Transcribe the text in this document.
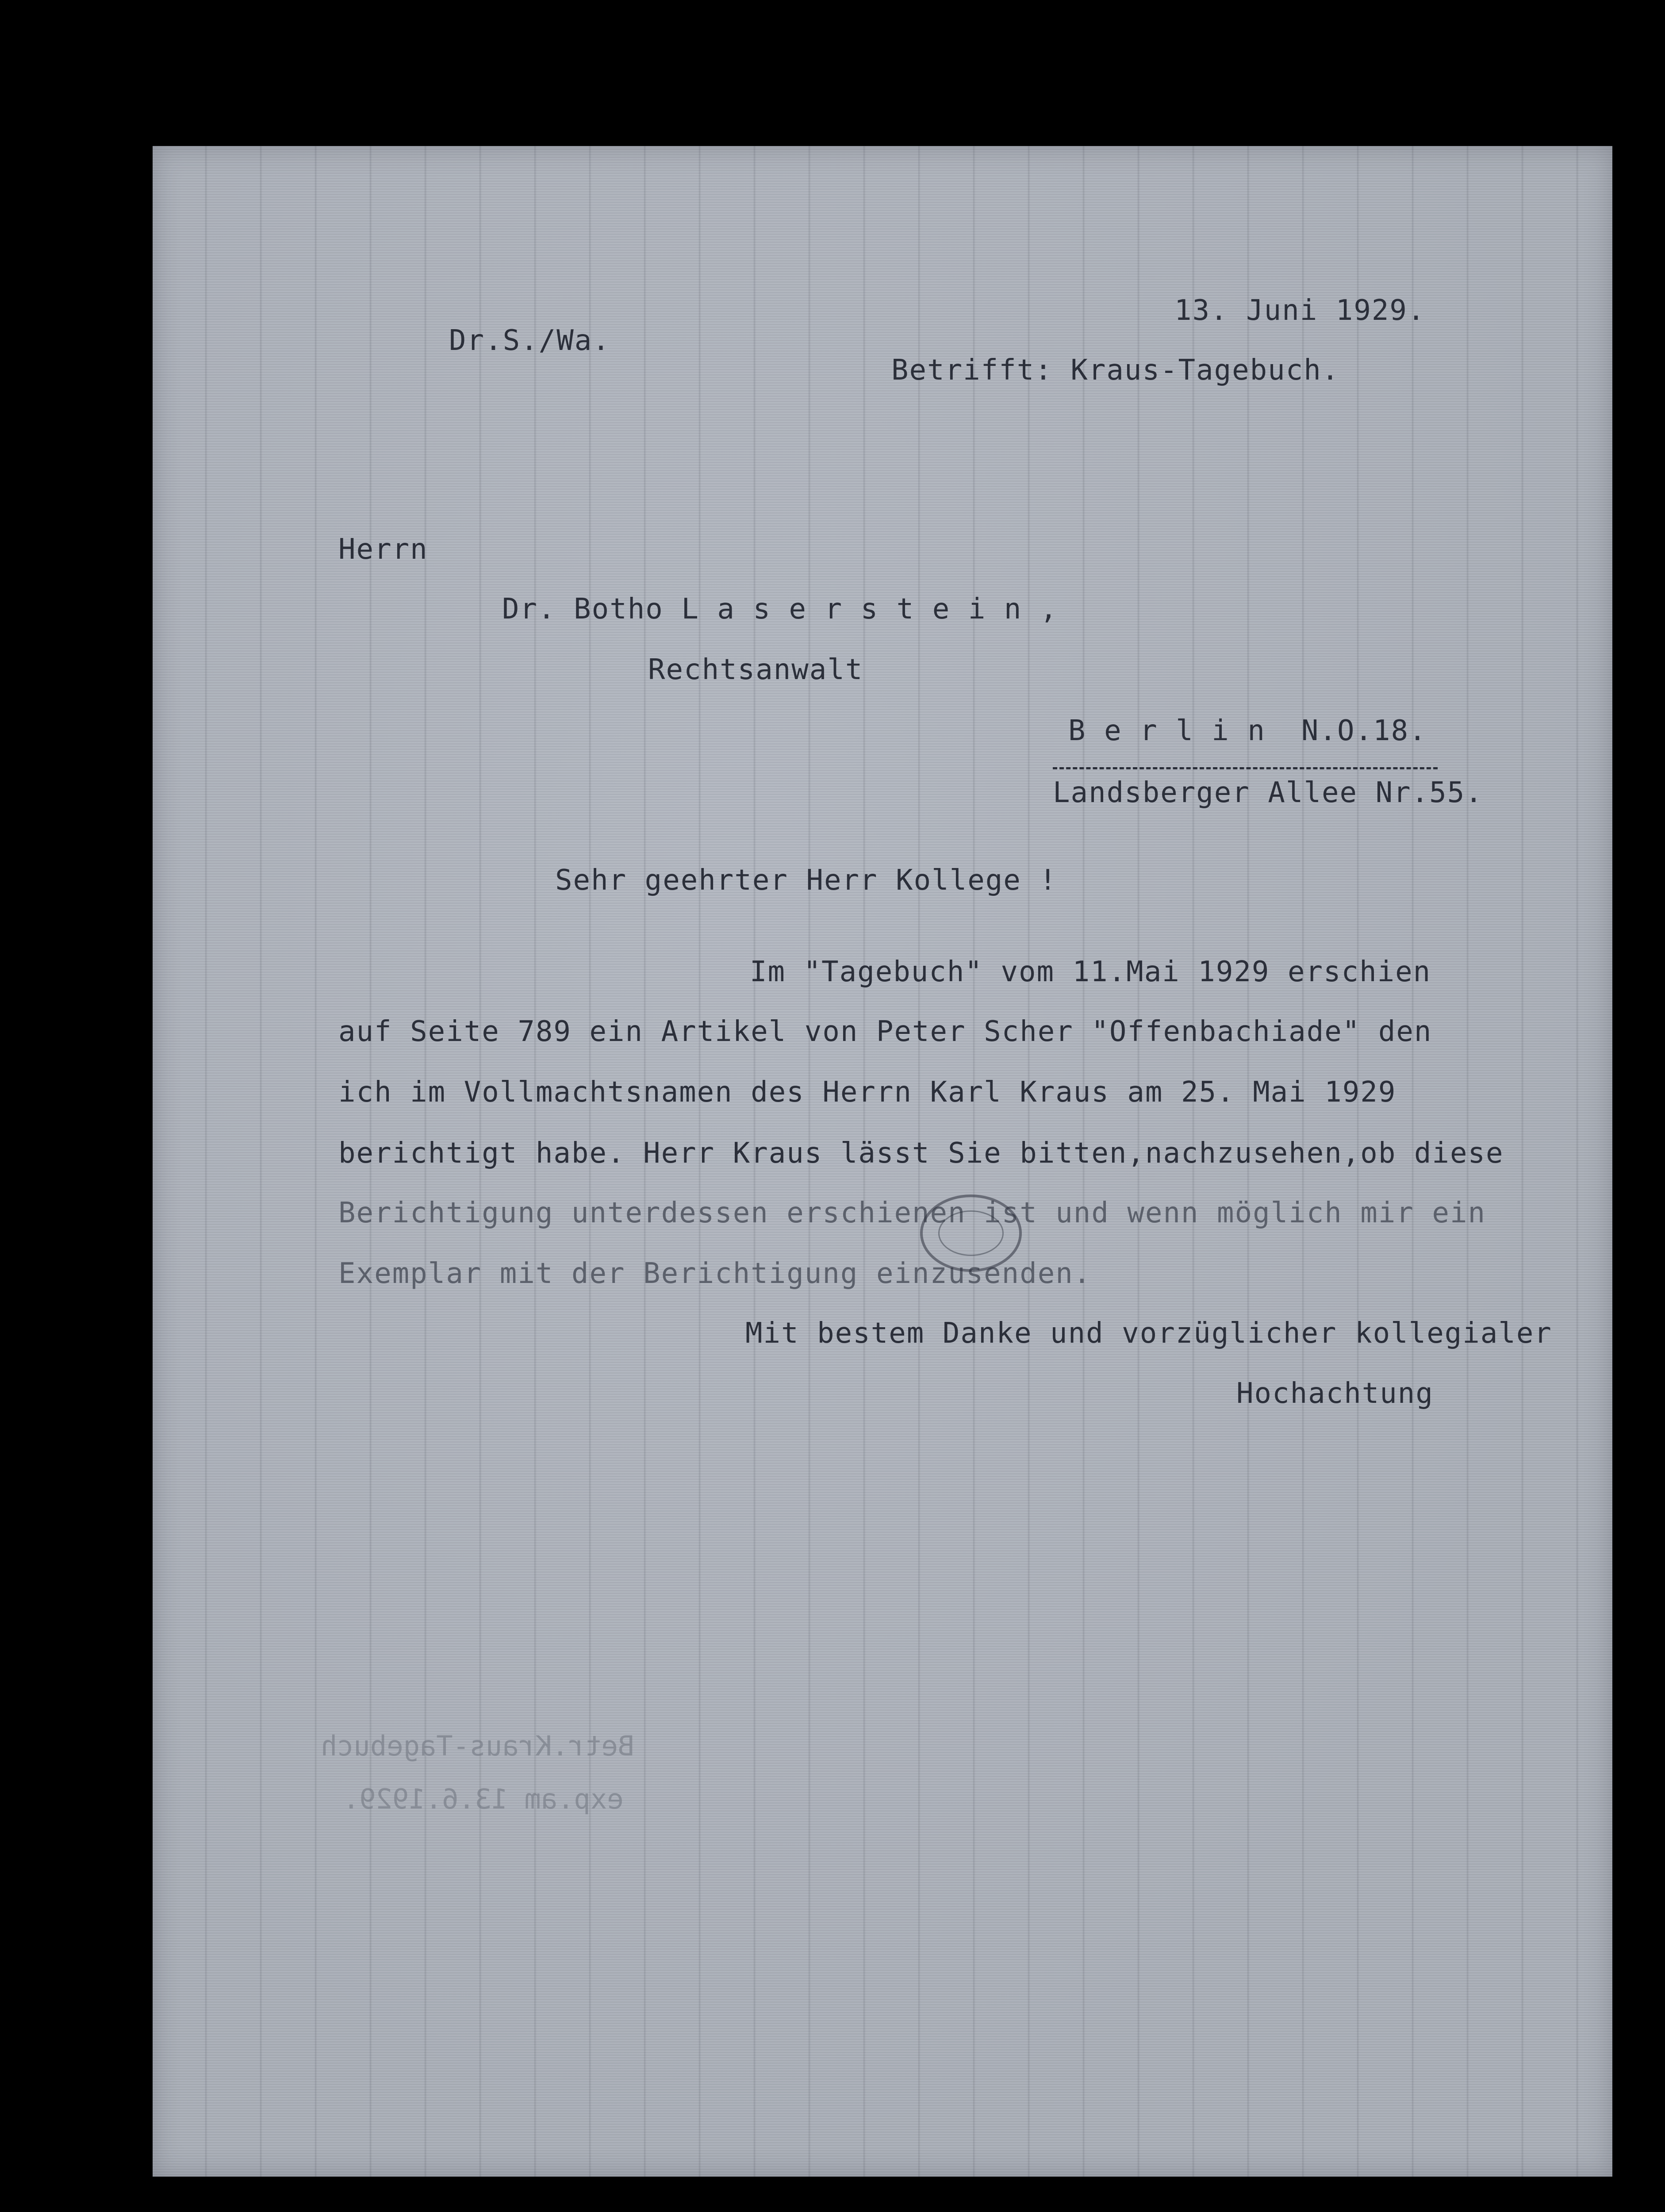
13. Juni 1929.
Dr.S./Wa.
Betrifft: Kraus-Tagebuch.
Herrn
Dr. Botho L a s e r s t e i n ,
Rechtsanwalt
B e r l i n  N.O.18.
Landsberger Allee Nr.55.
Sehr geehrter Herr Kollege !
Im "Tagebuch" vom 11.Mai 1929 erschien
auf Seite 789 ein Artikel von Peter Scher "Offenbachiade" den
ich im Vollmachtsnamen des Herrn Karl Kraus am 25. Mai 1929
berichtigt habe. Herr Kraus lässt Sie bitten,nachzusehen,ob diese
Berichtigung unterdessen erschienen ist und wenn möglich mir ein
Exemplar mit der Berichtigung einzusenden.
Mit bestem Danke und vorzüglicher kollegialer
Hochachtung
Betr.Kraus-Tagebuch
exp.am 13.6.1929.
